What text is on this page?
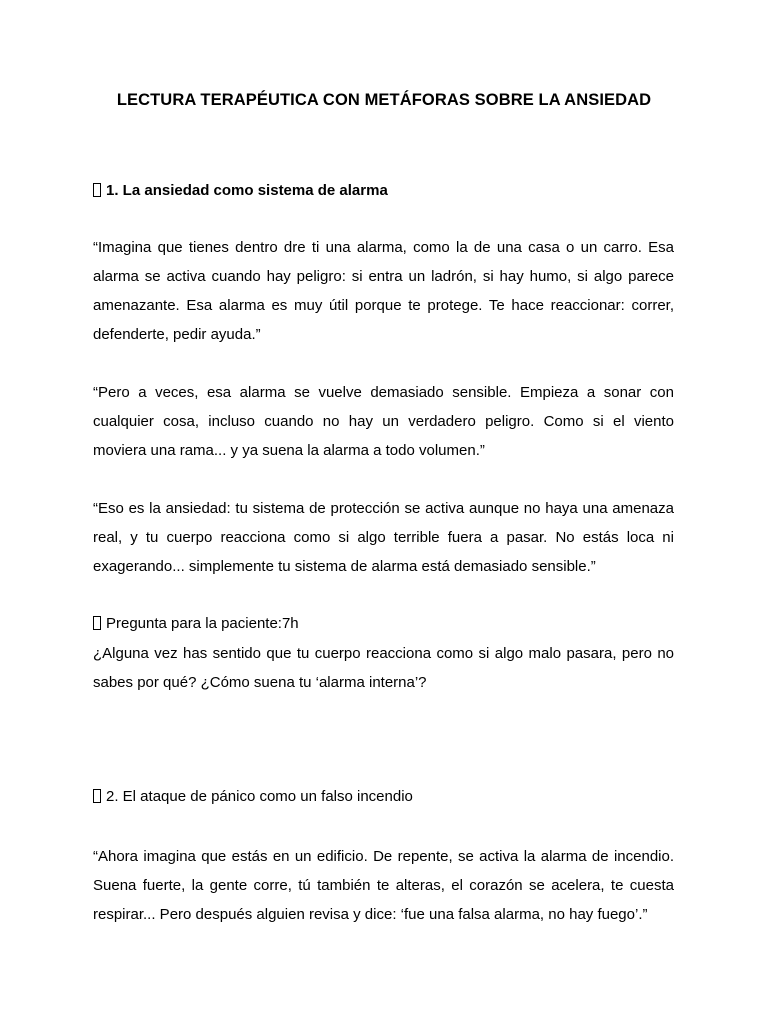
LECTURA TERAPÉUTICA CON METÁFORAS SOBRE LA ANSIEDAD
1. La ansiedad como sistema de alarma
“Imagina que tienes dentro dre ti una alarma, como la de una casa o un carro. Esa
alarma se activa cuando hay peligro: si entra un ladrón, si hay humo, si algo parece
amenazante. Esa alarma es muy útil porque te protege. Te hace reaccionar: correr,
defenderte, pedir ayuda.”
“Pero a veces, esa alarma se vuelve demasiado sensible. Empieza a sonar con
cualquier cosa, incluso cuando no hay un verdadero peligro. Como si el viento
moviera una rama... y ya suena la alarma a todo volumen.”
“Eso es la ansiedad: tu sistema de protección se activa aunque no haya una amenaza
real, y tu cuerpo reacciona como si algo terrible fuera a pasar. No estás loca ni
exagerando... simplemente tu sistema de alarma está demasiado sensible.”
Pregunta para la paciente:7h
¿Alguna vez has sentido que tu cuerpo reacciona como si algo malo pasara, pero no
sabes por qué? ¿Cómo suena tu ‘alarma interna’?
2. El ataque de pánico como un falso incendio
“Ahora imagina que estás en un edificio. De repente, se activa la alarma de incendio.
Suena fuerte, la gente corre, tú también te alteras, el corazón se acelera, te cuesta
respirar... Pero después alguien revisa y dice: ‘fue una falsa alarma, no hay fuego’.”
